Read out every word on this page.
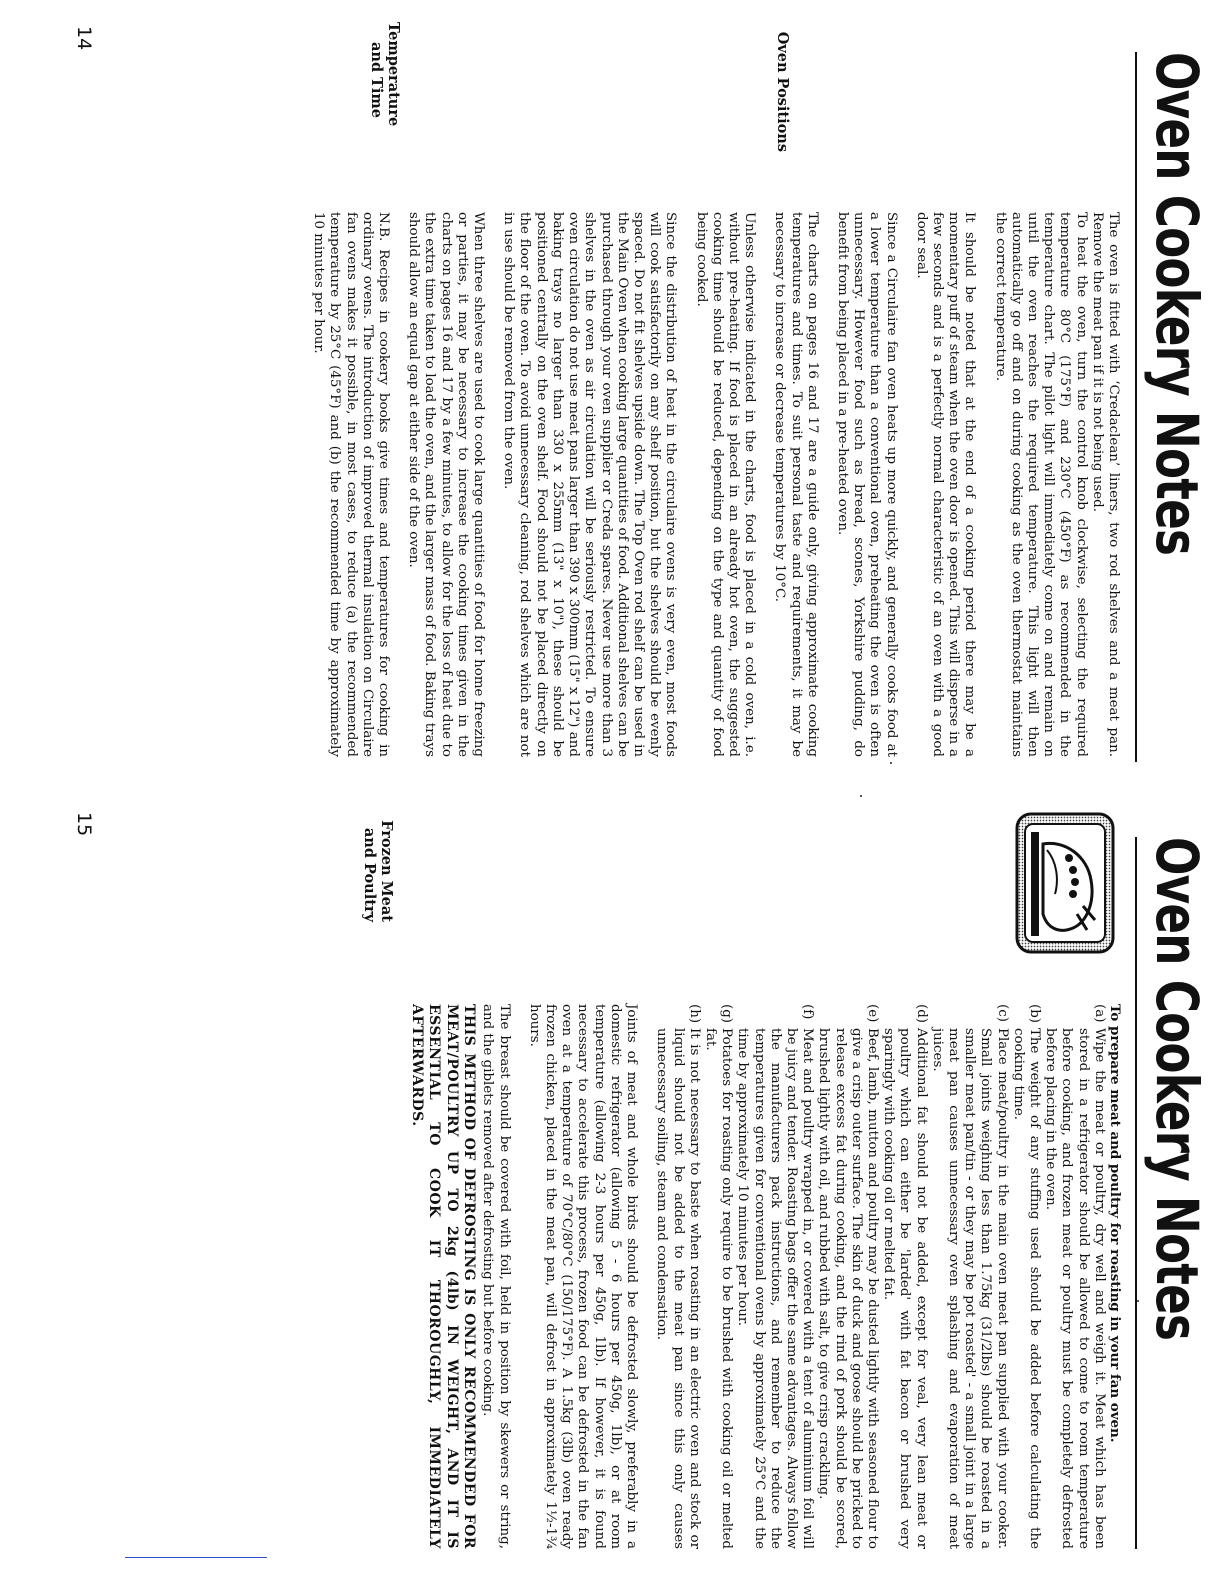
Oven Cookery Notes
Oven Positions
Temperature and Time

The oven is fitted with ‘Credaclean’ liners, two rod shelves and a meat pan. Remove the meat pan if it is not being used.

To heat the oven, turn the control knob clockwise, selecting the required temperature 80°C (175°F) and 230°C (450°F) as recommended in the temperature chart. The pilot light will immediately come on and remain on until the oven reaches the required temperature. This light will then automatically go off and on during cooking as the oven thermostat maintains the correct temperature.

It should be noted that at the end of a cooking period there may be a momentary puff of steam when the oven door is opened. This will disperse in a few seconds and is a perfectly normal characteristic of an oven with a good door seal.

Since a Circulaire fan oven heats up more quickly, and generally cooks food at a lower temperature than a conventional oven, preheating the oven is often unnecessary. However food such as bread, scones, Yorkshire pudding, do benefit from being placed in a pre-heated oven.

The charts on pages 16 and 17 are a guide only, giving approximate cooking temperatures and times. To suit personal taste and requirements, it may be necessary to increase or decrease temperatures by 10°C.

Unless otherwise indicated in the charts, food is placed in a cold oven, i.e. without pre-heating. If food is placed in an already hot oven, the suggested cooking time should be reduced, depending on the type and quantity of food being cooked.

Since the distribution of heat in the circulaire ovens is very even, most foods will cook satisfactorily on any shelf position, but the shelves should be evenly spaced. Do not fit shelves upside down. The Top Oven rod shelf can be used in the Main Oven when cooking large quantities of food. Additional shelves can be purchased through your oven supplier or Creda spares. Never use more than 3 shelves in the oven as air circulation will be seriously restricted. To ensure oven circulation do not use meat pans larger than 390 x 300mm (15" x 12") and baking trays no larger than 330 x 255mm (13" x 10"), these should be positioned centrally on the oven shelf. Food should not be placed directly on the floor of the oven. To avoid unnecessary cleaning, rod shelves which are not in use should be removed from the oven.

When three shelves are used to cook large quantities of food for home freezing or parties, it may be necessary to increase the cooking times given in the charts on pages 16 and 17 by a few minutes, to allow for the loss of heat due to the extra time taken to load the oven, and the larger mass of food. Baking trays should allow an equal gap at either side of the oven.

N.B. Recipes in cookery books give times and temperatures for cooking in ordinary ovens. The introduction of improved thermal insulation on Circulaire fan ovens makes it possible, in most cases, to reduce (a) the recommended temperature by 25°C (45°F) and (b) the recommended time by approximately 10 minutes per hour.

14
Oven Cookery Notes
Frozen Meat and Poultry

To prepare meat and poultry for roasting in your fan oven.

(a)
Wipe the meat or poultry, dry well and weigh it. Meat which has been stored in a refrigerator should be allowed to come to room temperature before cooking, and frozen meat or poultry must be completely defrosted before placing in the oven.
(b)
The weight of any stuffing used should be added before calculating the cooking time.
(c)
Place meat/poultry in the main oven meat pan supplied with your cooker. Small joints weighing less than 1.75kg (31/2lbs) should be roasted in a smaller meat pan/tin - or they may be pot roasted' - a small joint in a large meat pan causes unnecessary oven splashing and evaporation of meat juices.
(d)
Additional fat should not be added, except for veal, very lean meat or poultry which can either be 'larded' with fat bacon or brushed very sparingly with cooking oil or melted fat.
(e)
Beef, lamb, mutton and poultry may be dusted lightly with seasoned flour to give a crisp outer surface. The skin of duck and goose should be pricked to release excess fat during cooking, and the rind of pork should be scored, brushed lightly with oil, and rubbed with salt, to give crisp crackling.
(f)
Meat and poultry wrapped in, or covered with a tent of aluminium foil will be juicy and tender. Roasting bags offer the same advantages. Always follow the manufacturers pack instructions, and remember to reduce the temperatures given for conventional ovens by approximately 25°C and the time by approximately 10 minutes per hour.
(g)
Potatoes for roasting only require to be brushed with cooking oil or melted fat.
(h)
It is not necessary to baste when roasting in an electric oven and stock or liquid should not be added to the meat pan since this only causes unnecessary soiling, steam and condensation.

Joints of meat and whole birds should be defrosted slowly, preferably in a domestic refrigerator (allowing 5 - 6 hours per 450g, 1lb), or at room temperature (allowing 2-3 hours per 450g, 1lb). If however, it is found necessary to accelerate this process, frozen food can be defrosted in the fan oven at a temperature of 70°C/80°C (150/175°F). A 1.5kg (3lb) oven ready frozen chicken, placed in the meat pan, will defrost in approximately 1½-1¾ hours.

The breast should be covered with foil, held in position by skewers or string, and the giblets removed after defrosting but before cooking.

THIS METHOD OF DEFROSTING IS ONLY RECOMMENDED FOR MEAT/POULTRY UP TO 2kg (4lb) IN WEIGHT, AND IT IS ESSENTIAL TO COOK IT THOROUGHLY, IMMEDIATELY AFTERWARDS.
15
